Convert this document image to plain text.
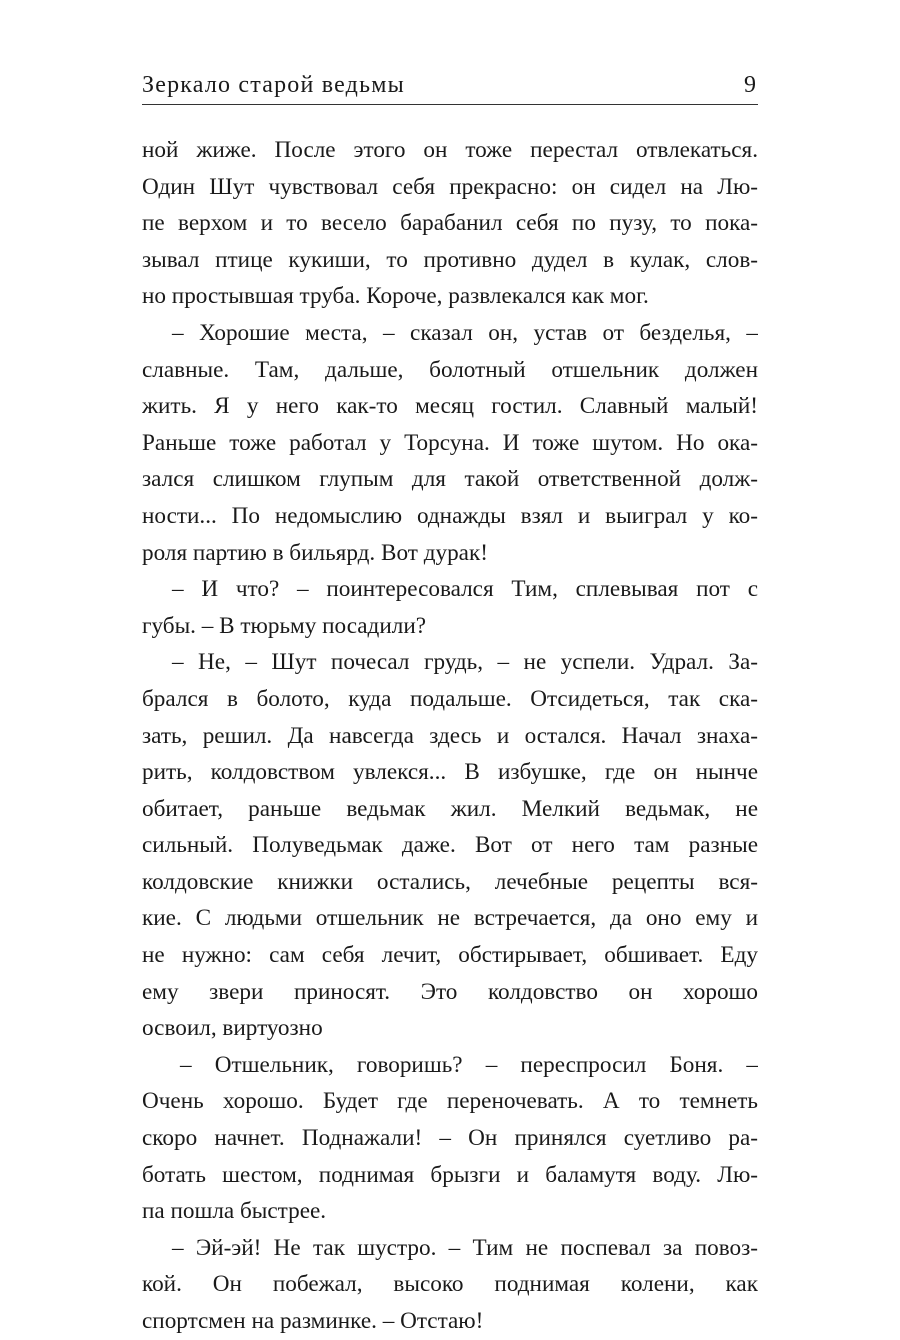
Зеркало старой ведьмы	9
ной жиже. После этого он тоже перестал отвлекаться.
Один Шут чувствовал себя прекрасно: он сидел на Лю-
пе верхом и то весело барабанил себя по пузу, то пока-
зывал птице кукиши, то противно дудел в кулак, слов-
но простывшая труба. Короче, развлекался как мог.
– Хорошие места, – сказал он, устав от безделья, –
славные. Там, дальше, болотный отшельник должен
жить. Я у него как-то месяц гостил. Славный малый!
Раньше тоже работал у Торсуна. И тоже шутом. Но ока-
зался слишком глупым для такой ответственной долж-
ности... По недомыслию однажды взял и выиграл у ко-
роля партию в бильярд. Вот дурак!
– И что? – поинтересовался Тим, сплевывая пот с
губы. – В тюрьму посадили?
– Не, – Шут почесал грудь, – не успели. Удрал. За-
брался в болото, куда подальше. Отсидеться, так ска-
зать, решил. Да навсегда здесь и остался. Начал знаха-
рить, колдовством увлекся... В избушке, где он нынче
обитает, раньше ведьмак жил. Мелкий ведьмак, не
сильный. Полуведьмак даже. Вот от него там разные
колдовские книжки остались, лечебные рецепты вся-
кие. С людьми отшельник не встречается, да оно ему и
не нужно: сам себя лечит, обстирывает, обшивает. Еду
ему звери приносят. Это колдовство он хорошо
освоил, виртуозно
– Отшельник, говоришь? – переспросил Боня. –
Очень хорошо. Будет где переночевать. А то темнеть
скоро начнет. Поднажали! – Он принялся суетливо ра-
ботать шестом, поднимая брызги и баламутя воду. Лю-
па пошла быстрее.
– Эй-эй! Не так шустро. – Тим не поспевал за повоз-
кой. Он побежал, высоко поднимая колени, как
спортсмен на разминке. – Отстаю!
